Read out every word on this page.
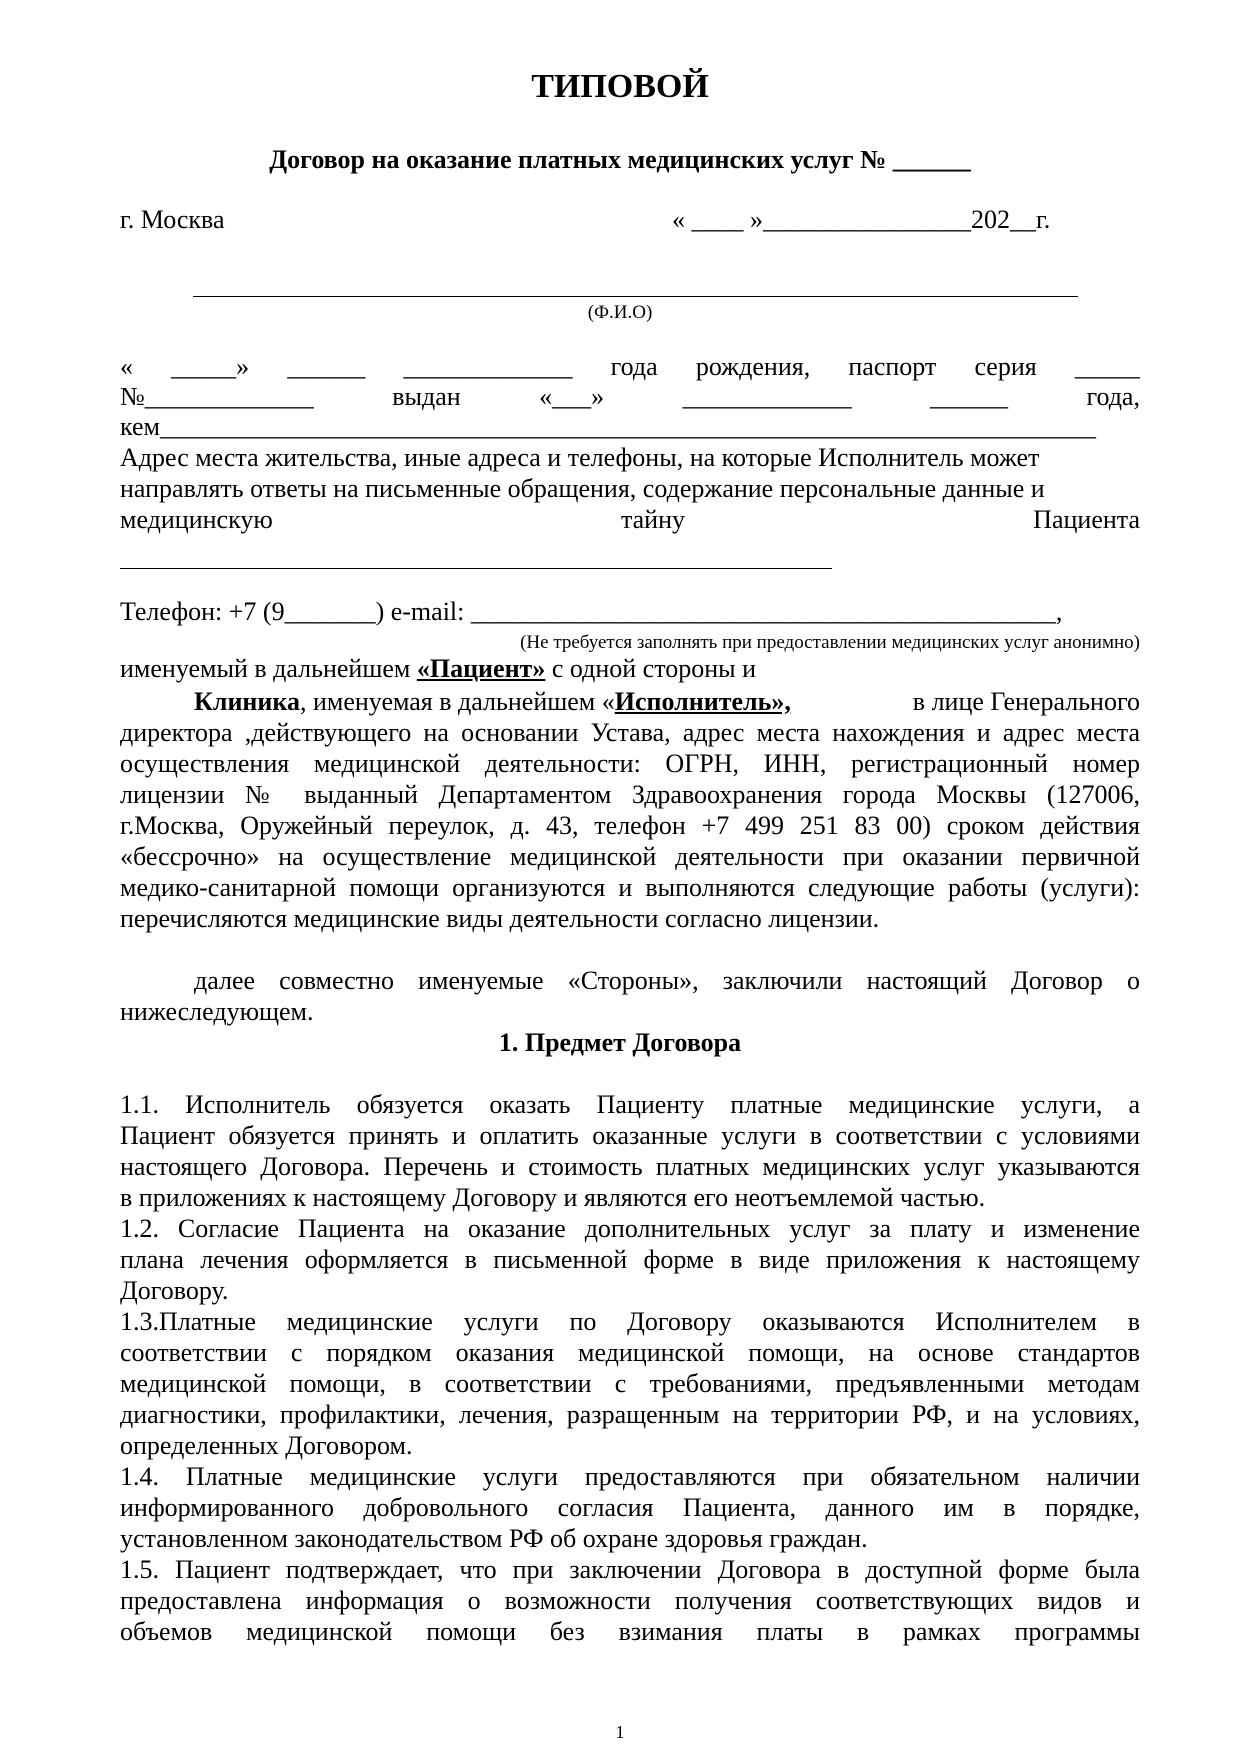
ТИПОВОЙ
Договор на оказание платных медицинских услуг № ______
г. Москва	« ____ »________________202__г.
(Ф.И.О)
« _____» ______ _____________ года рождения, паспорт серия _____
№_____________	выдан	«___»	_____________	______	года,
кем________________________________________________________________________
Адрес места жительства, иные адреса и телефоны, на которые Исполнитель может
направлять ответы на письменные обращения, содержание персональные данные и
медицинскую	тайну	Пациента
Телефон: +7 (9_______) e-mail: _____________________________________________,
(Не требуется заполнять при предоставлении медицинских услуг анонимно)
именуемый в дальнейшем «Пациент» с одной стороны и
Клиника, именуемая в дальнейшем «Исполнитель»,	в лице Генерального
директора ,действующего на основании Устава, адрес места нахождения и адрес места
осуществления медицинской деятельности: ОГРН, ИНН, регистрационный номер
лицензии № выданный Департаментом Здравоохранения города Москвы (127006,
г.Москва, Оружейный переулок, д. 43, телефон +7 499 251 83 00) сроком действия
«бессрочно» на осуществление медицинской деятельности при оказании первичной
медико-санитарной помощи организуются и выполняются следующие работы (услуги):
перечисляются медицинские виды деятельности согласно лицензии.
далее совместно именуемые «Стороны», заключили настоящий Договор о
нижеследующем.
1. Предмет Договора
1.1. Исполнитель обязуется оказать Пациенту платные медицинские услуги, а
Пациент обязуется принять и оплатить оказанные услуги в соответствии с условиями
настоящего Договора. Перечень и стоимость платных медицинских услуг указываются
в приложениях к настоящему Договору и являются его неотъемлемой частью.
1.2. Согласие Пациента на оказание дополнительных услуг за плату и изменение
плана лечения оформляется в письменной форме в виде приложения к настоящему
Договору.
1.3.Платные медицинские услуги по Договору оказываются Исполнителем в
соответствии с порядком оказания медицинской помощи, на основе стандартов
медицинской помощи, в соответствии с требованиями, предъявленными методам
диагностики, профилактики, лечения, разращенным на территории РФ, и на условиях,
определенных Договором.
1.4. Платные медицинские услуги предоставляются при обязательном наличии
информированного добровольного согласия Пациента, данного им в порядке,
установленном законодательством РФ об охране здоровья граждан.
1.5. Пациент подтверждает, что при заключении Договора в доступной форме была
предоставлена информация о возможности получения соответствующих видов и
объемов медицинской помощи без взимания платы в рамках программы
1
